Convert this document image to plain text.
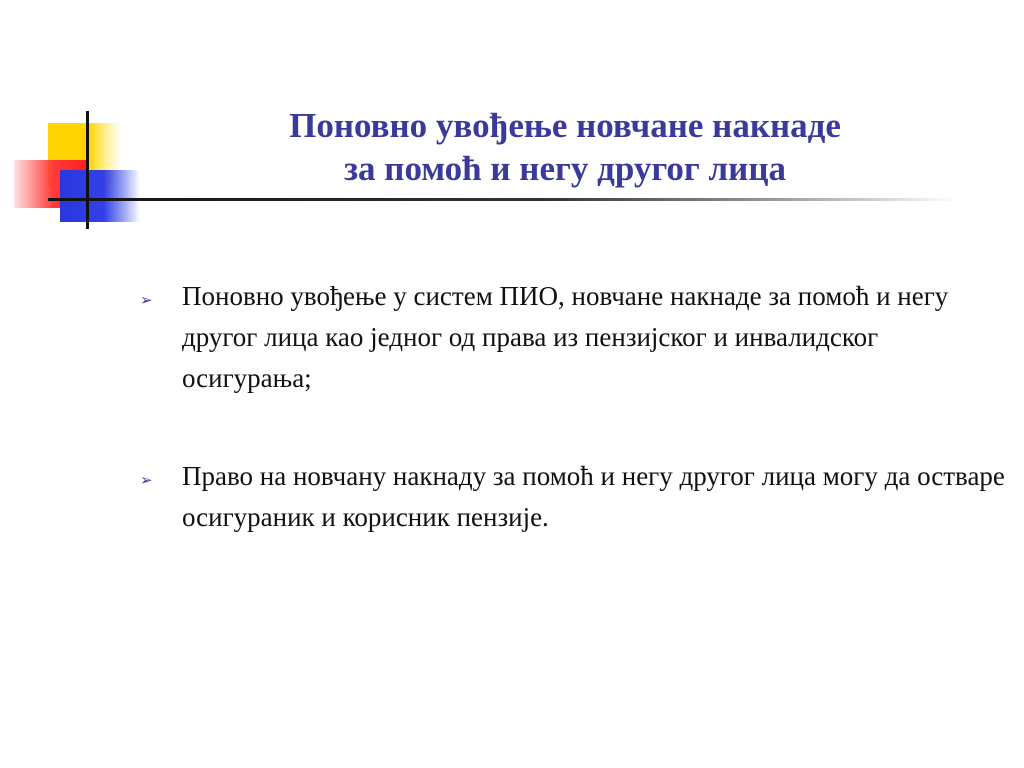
Поновно увођење новчане накнаде
за помоћ и негу другог лица
➢ Поновно увођење у систем ПИО, новчане накнаде за помоћ и негу другог лица као једног од права из пензијског и инвалидског осигурања;
➢ Право на новчану накнаду за помоћ и негу другог лица могу да остваре осигураник и корисник пензије.
